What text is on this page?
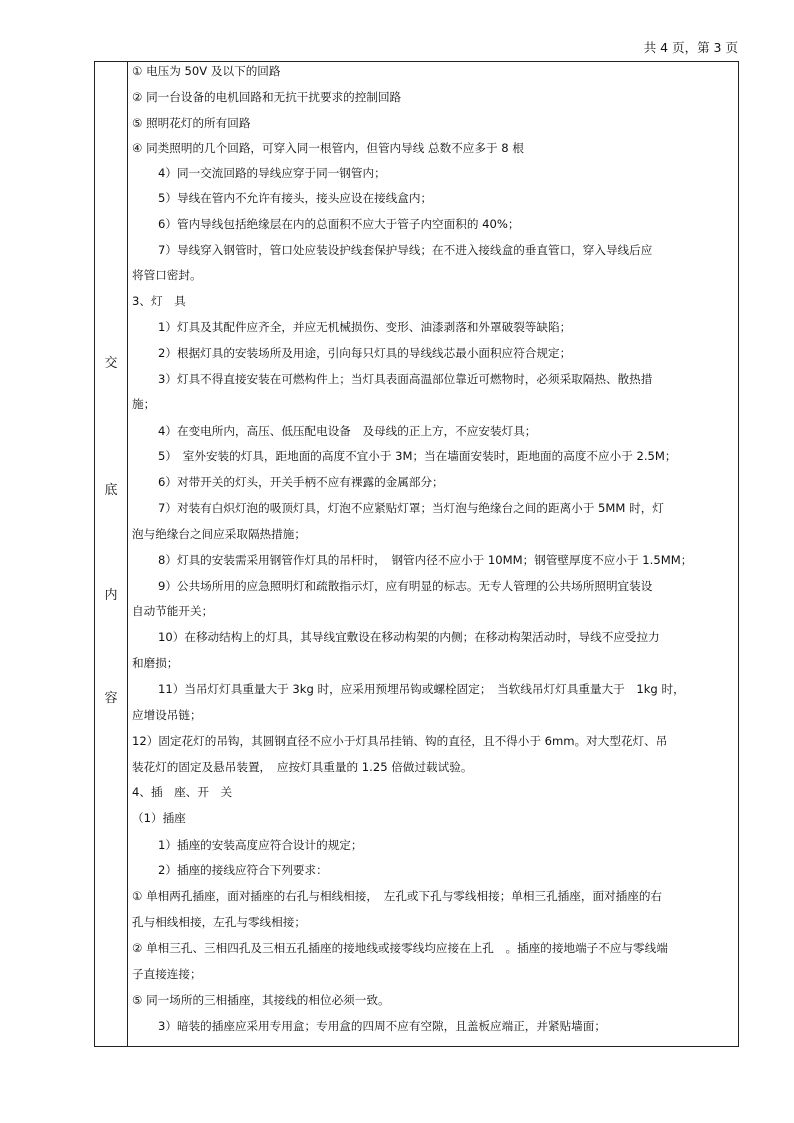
共 4 页，第 3 页
交
底
内
容
① 电压为 50V 及以下的回路
② 同一台设备的电机回路和无抗干扰要求的控制回路
⑤ 照明花灯的所有回路
④ 同类照明的几个回路，可穿入同一根管内，但管内导线 总数不应多于 8 根
4）同一交流回路的导线应穿于同一钢管内；
5）导线在管内不允许有接头，接头应设在接线盒内；
6）管内导线包括绝缘层在内的总面积不应大于管子内空面积的 40%；
7）导线穿入钢管时，管口处应装设护线套保护导线；在不进入接线盒的垂直管口，穿入导线后应
将管口密封。
3、灯　具
1）灯具及其配件应齐全，并应无机械损伤、变形、油漆剥落和外罩破裂等缺陷；
2）根据灯具的安装场所及用途，引向每只灯具的导线线芯最小面积应符合规定；
3）灯具不得直接安装在可燃构件上；当灯具表面高温部位靠近可燃物时，必须采取隔热、散热措
施；
4）在变电所内，高压、低压配电设备　及母线的正上方，不应安装灯具；
5）　室外安装的灯具，距地面的高度不宜小于 3M；当在墙面安装时，距地面的高度不应小于 2.5M；
6）对带开关的灯头，开关手柄不应有裸露的金属部分；
7）对装有白炽灯泡的吸顶灯具，灯泡不应紧贴灯罩；当灯泡与绝缘台之间的距离小于 5MM 时，灯
泡与绝缘台之间应采取隔热措施；
8）灯具的安装需采用钢管作灯具的吊杆时，　钢管内径不应小于 10MM；钢管壁厚度不应小于 1.5MM；
9）公共场所用的应急照明灯和疏散指示灯，应有明显的标志。无专人管理的公共场所照明宜装设
自动节能开关；
10）在移动结构上的灯具，其导线宜敷设在移动构架的内侧；在移动构架活动时，导线不应受拉力
和磨损；
11）当吊灯灯具重量大于 3kg 时，应采用预埋吊钩或螺栓固定；　当软线吊灯灯具重量大于　1kg 时，
应增设吊链；
12）固定花灯的吊钩，其圆钢直径不应小于灯具吊挂销、钩的直径，且不得小于 6mm。对大型花灯、吊
装花灯的固定及悬吊装置，　应按灯具重量的 1.25 倍做过载试验。
4、插　座、开　关
（1）插座
1）插座的安装高度应符合设计的规定；
2）插座的接线应符合下列要求：
① 单相两孔插座，面对插座的右孔与相线相接，　左孔或下孔与零线相接；单相三孔插座，面对插座的右
孔与相线相接，左孔与零线相接；
② 单相三孔、三相四孔及三相五孔插座的接地线或接零线均应接在上孔　。插座的接地端子不应与零线端
子直接连接；
⑤ 同一场所的三相插座，其接线的相位必须一致。
3）暗装的插座应采用专用盒；专用盒的四周不应有空隙，且盖板应端正，并紧贴墙面；
